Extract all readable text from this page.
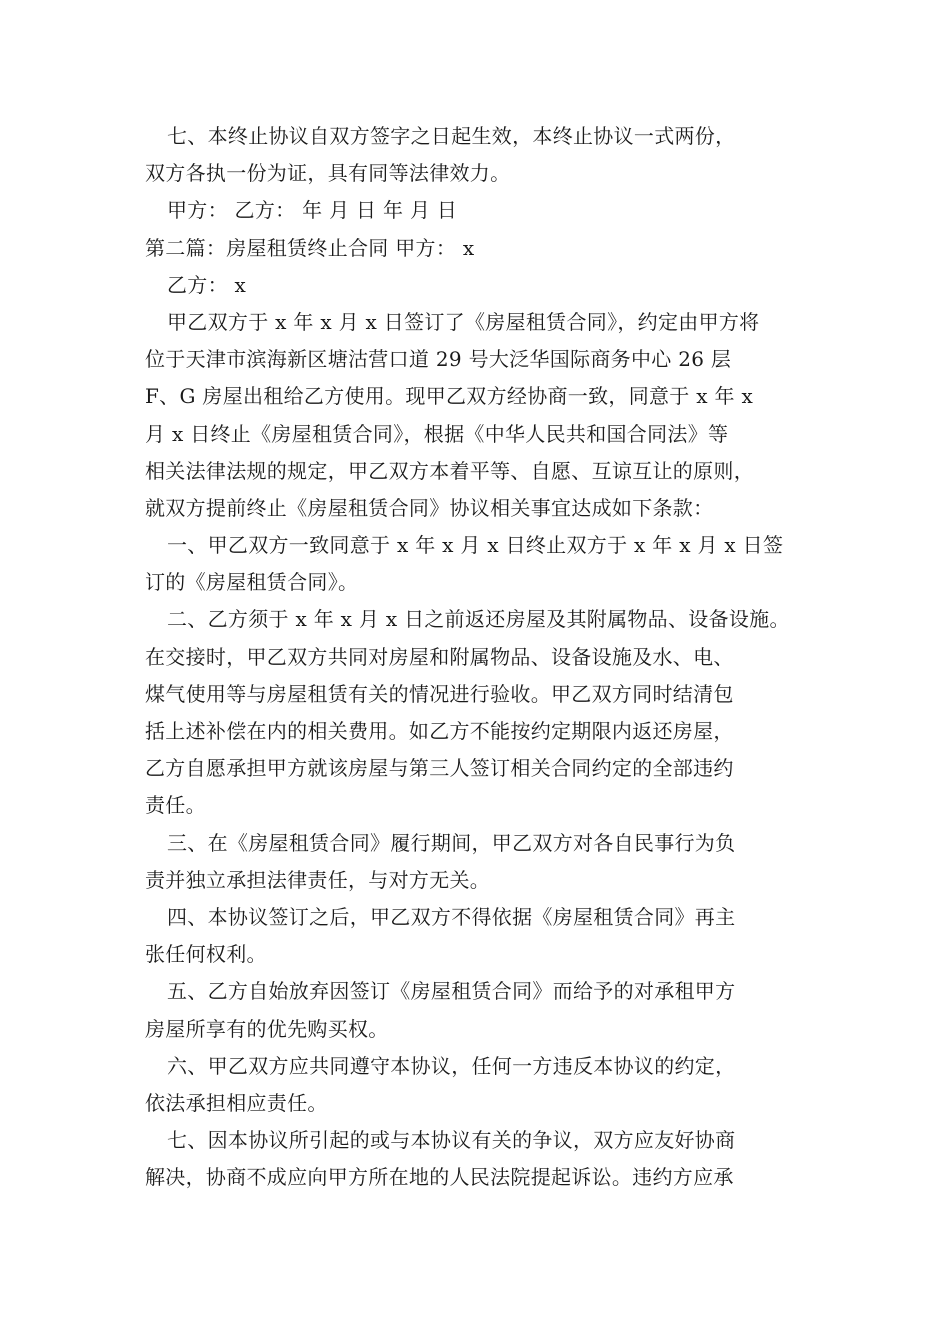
七、本终止协议自双方签字之日起生效，本终止协议一式两份，
双方各执一份为证，具有同等法律效力。
甲方： 乙方： 年 月 日 年 月 日
第二篇：房屋租赁终止合同 甲方： x
乙方： x
甲乙双方于 x 年 x 月 x 日签订了《房屋租赁合同》，约定由甲方将
位于天津市滨海新区塘沽营口道 29 号大泛华国际商务中心 26 层
F、G 房屋出租给乙方使用。现甲乙双方经协商一致，同意于 x 年 x
月 x 日终止《房屋租赁合同》，根据《中华人民共和国合同法》等
相关法律法规的规定，甲乙双方本着平等、自愿、互谅互让的原则，
就双方提前终止《房屋租赁合同》协议相关事宜达成如下条款：
一、甲乙双方一致同意于 x 年 x 月 x 日终止双方于 x 年 x 月 x 日签
订的《房屋租赁合同》。
二、乙方须于 x 年 x 月 x 日之前返还房屋及其附属物品、设备设施。
在交接时，甲乙双方共同对房屋和附属物品、设备设施及水、电、
煤气使用等与房屋租赁有关的情况进行验收。甲乙双方同时结清包
括上述补偿在内的相关费用。如乙方不能按约定期限内返还房屋，
乙方自愿承担甲方就该房屋与第三人签订相关合同约定的全部违约
责任。
三、在《房屋租赁合同》履行期间，甲乙双方对各自民事行为负
责并独立承担法律责任，与对方无关。
四、本协议签订之后，甲乙双方不得依据《房屋租赁合同》再主
张任何权利。
五、乙方自始放弃因签订《房屋租赁合同》而给予的对承租甲方
房屋所享有的优先购买权。
六、甲乙双方应共同遵守本协议，任何一方违反本协议的约定，
依法承担相应责任。
七、因本协议所引起的或与本协议有关的争议，双方应友好协商
解决，协商不成应向甲方所在地的人民法院提起诉讼。违约方应承
